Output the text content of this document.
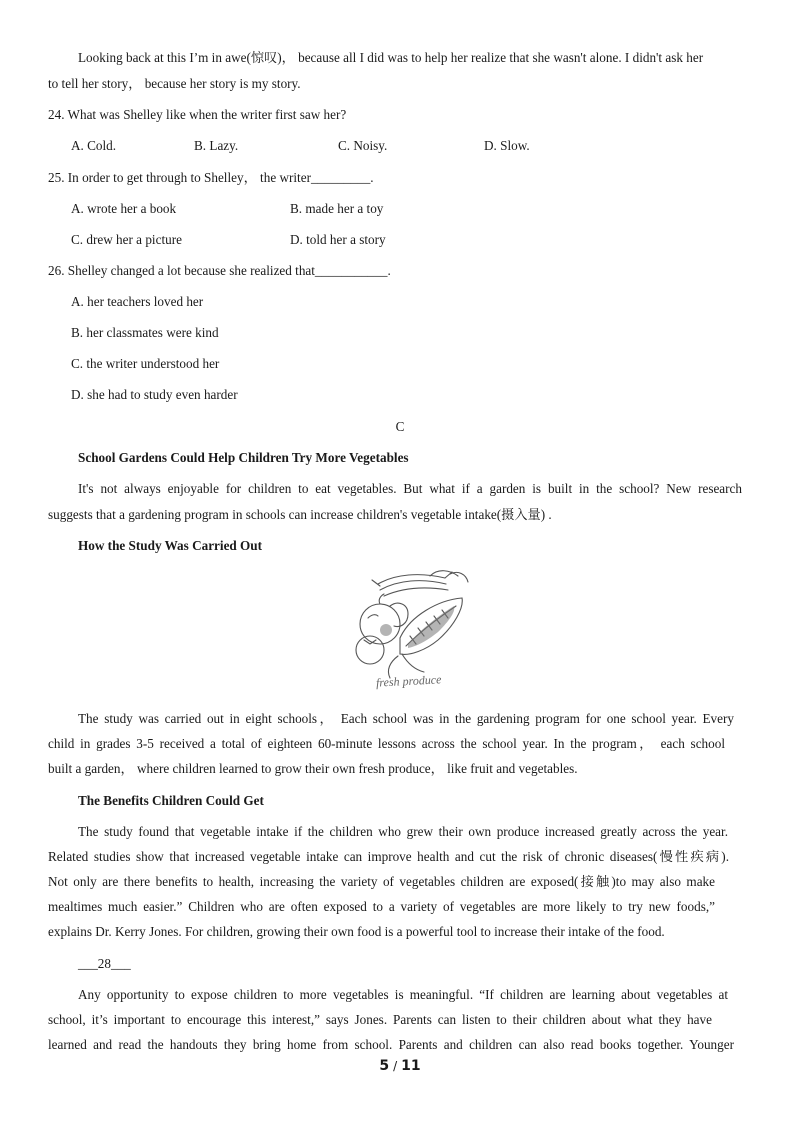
Looking back at this I’m in awe(惊叹)， because all I did was to help her realize that she wasn't alone. I didn't ask her
to tell her story， because her story is my story.
24. What was Shelley like when the writer first saw her?
A. Cold.	B. Lazy.	C. Noisy.	D. Slow.
25. In order to get through to Shelley， the writer_________.
A. wrote her a book	B. made her a toy
C. drew her a picture	D. told her a story
26. Shelley changed a lot because she realized that___________.
A. her teachers loved her
B. her classmates were kind
C. the writer understood her
D. she had to study even harder
C
School Gardens Could Help Children Try More Vegetables
It's not always enjoyable for children to eat vegetables. But what if a garden is built in the school? New research
suggests that a gardening program in schools can increase children's vegetable intake(摄入量) .
How the Study Was Carried Out
fresh produce
The study was carried out in eight schools， Each school was in the gardening program for one school year. Every
child in grades 3-5 received a total of eighteen 60-minute lessons across the school year. In the program， each school
built a garden， where children learned to grow their own fresh produce， like fruit and vegetables.
The Benefits Children Could Get
The study found that vegetable intake if the children who grew their own produce increased greatly across the year.
Related studies show that increased vegetable intake can improve health and cut the risk of chronic diseases(慢性疾病).
Not only are there benefits to health, increasing the variety of vegetables children are exposed(接触)to may also make
mealtimes much easier.” Children who are often exposed to a variety of vegetables are more likely to try new foods,”
explains Dr. Kerry Jones. For children, growing their own food is a powerful tool to increase their intake of the food.
___28___
Any opportunity to expose children to more vegetables is meaningful. “If children are learning about vegetables at
school, it’s important to encourage this interest,” says Jones. Parents can listen to their children about what they have
learned and read the handouts they bring home from school. Parents and children can also read books together. Younger
5 / 11
